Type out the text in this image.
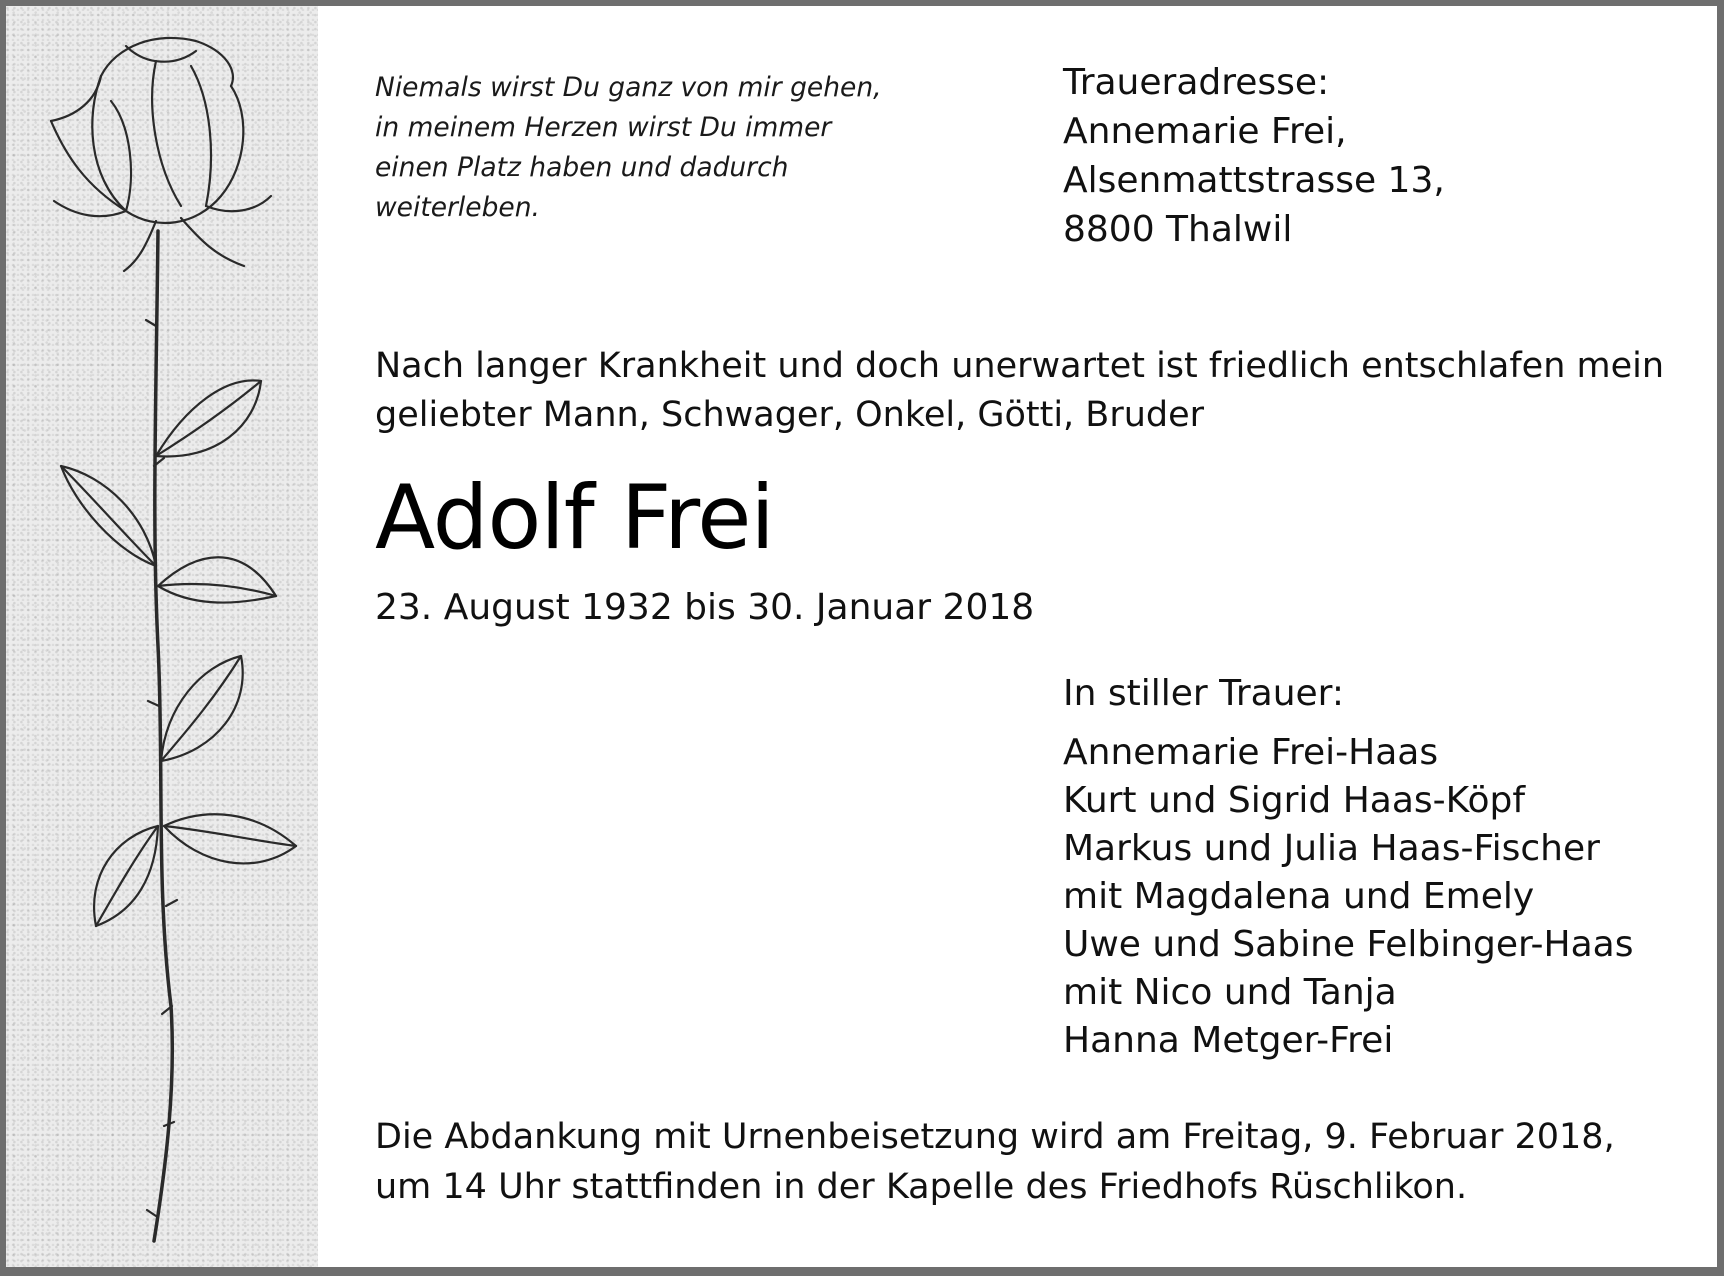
Niemals wirst Du ganz von mir gehen,
in meinem Herzen wirst Du immer
einen Platz haben und dadurch
weiterleben.
Traueradresse:
Annemarie Frei,
Alsenmattstrasse 13,
8800 Thalwil
Nach langer Krankheit und doch unerwartet ist friedlich entschlafen mein
geliebter Mann, Schwager, Onkel, Götti, Bruder
Adolf Frei
23. August 1932 bis 30. Januar 2018
In stiller Trauer:
Annemarie Frei-Haas
Kurt und Sigrid Haas-Köpf
Markus und Julia Haas-Fischer
mit Magdalena und Emely
Uwe und Sabine Felbinger-Haas
mit Nico und Tanja
Hanna Metger-Frei
Die Abdankung mit Urnenbeisetzung wird am Freitag, 9. Februar 2018,
um 14 Uhr stattfinden in der Kapelle des Friedhofs Rüschlikon.
